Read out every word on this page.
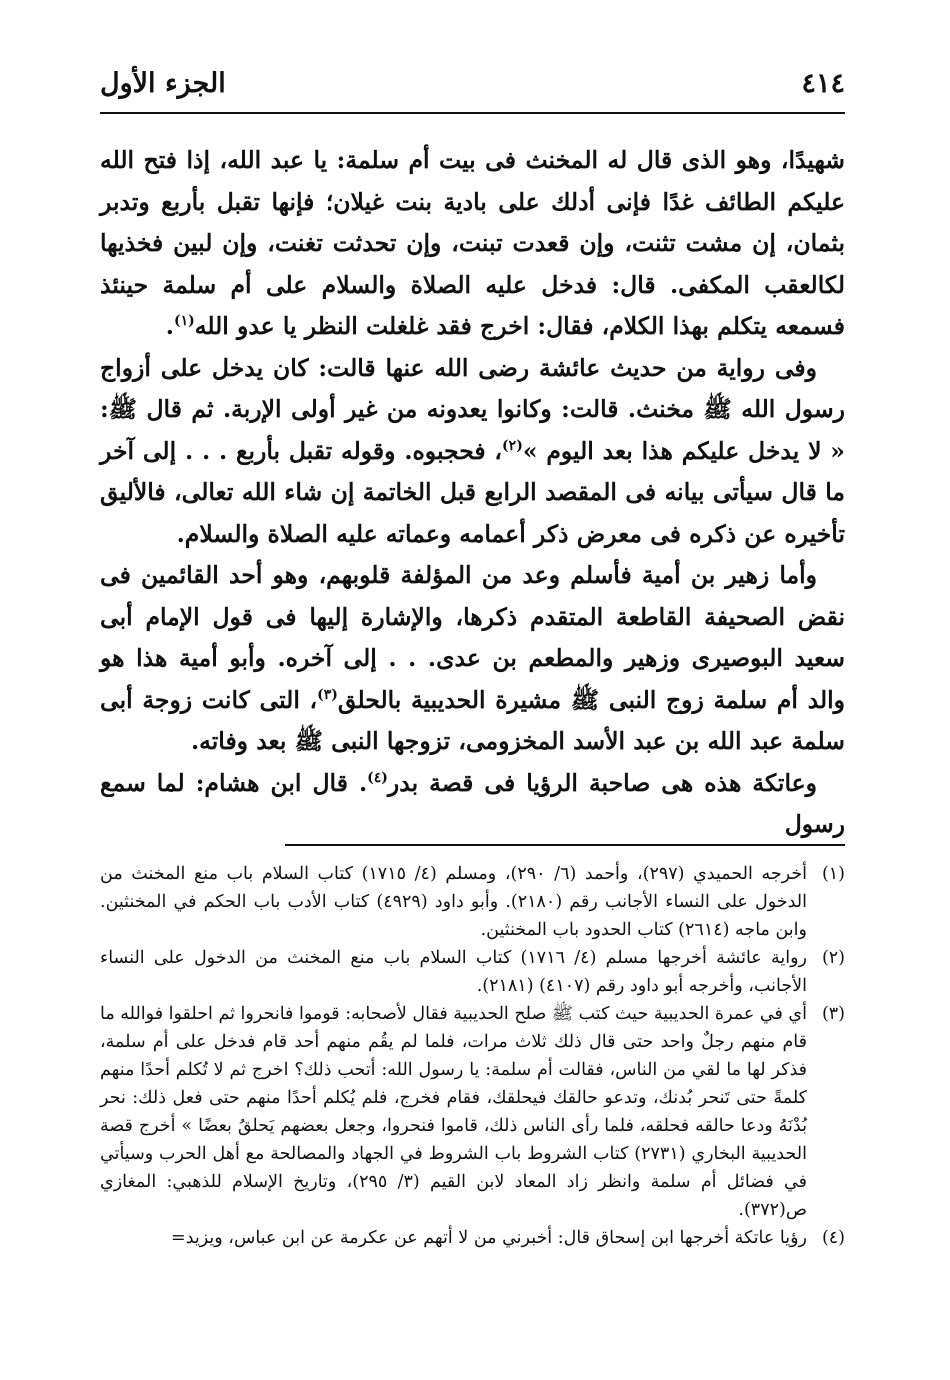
٤١٤
الجزء الأول

شهيدًا، وهو الذى قال له المخنث فى بيت أم سلمة: يا عبد الله، إذا فتح الله عليكم الطائف غدًا فإنى أدلك على بادية بنت غيلان؛ فإنها تقبل بأربع وتدبر بثمان، إن مشت تثنت، وإن قعدت تبنت، وإن تحدثت تغنت، وإن لبين فخذيها لكالعقب المكفى. قال: فدخل عليه الصلاة والسلام على أم سلمة حينئذ فسمعه يتكلم بهذا الكلام، فقال: اخرج فقد غلغلت النظر يا عدو الله$^{(١)}$.

وفى رواية من حديث عائشة رضى الله عنها قالت: كان يدخل على أزواج رسول الله ﷺ مخنث. قالت: وكانوا يعدونه من غير أولى الإربة. ثم قال ﷺ: « لا يدخل عليكم هذا بعد اليوم »$^{(٢)}$، فحجبوه. وقوله تقبل بأربع . . . إلى آخر ما قال سيأتى بيانه فى المقصد الرابع قبل الخاتمة إن شاء الله تعالى، فالأليق تأخيره عن ذكره فى معرض ذكر أعمامه وعماته عليه الصلاة والسلام.

وأما زهير بن أمية فأسلم وعد من المؤلفة قلوبهم، وهو أحد القائمين فى نقض الصحيفة القاطعة المتقدم ذكرها، والإشارة إليها فى قول الإمام أبى سعيد البوصيرى وزهير والمطعم بن عدى. . . إلى آخره. وأبو أمية هذا هو والد أم سلمة زوج النبى ﷺ مشيرة الحديبية بالحلق$^{(٣)}$، التى كانت زوجة أبى سلمة عبد الله بن عبد الأسد المخزومى، تزوجها النبى ﷺ بعد وفاته.

وعاتكة هذه هى صاحبة الرؤيا فى قصة بدر$^{(٤)}$. قال ابن هشام: لما سمع رسول

(١)
أخرجه الحميدي (٢٩٧)، وأحمد (٦/ ٢٩٠)، ومسلم (٤/ ١٧١٥) كتاب السلام باب منع المخنث من الدخول على النساء الأجانب رقم (٢١٨٠). وأبو داود (٤٩٢٩) كتاب الأدب باب الحكم في المخنثين. وابن ماجه (٢٦١٤) كتاب الحدود باب المخنثين.

(٢)
رواية عائشة أخرجها مسلم (٤/ ١٧١٦) كتاب السلام باب منع المخنث من الدخول على النساء الأجانب، وأخرجه أبو داود رقم (٤١٠٧) (٢١٨١).

(٣)
أي في عمرة الحديبية حيث كتب ﷺ صلح الحديبية فقال لأصحابه: قوموا فانحروا ثم احلقوا فوالله ما قام منهم رجلٌ واحد حتى قال ذلك ثلاث مرات، فلما لم يقُم منهم أحد قام فدخل على أم سلمة، فذكر لها ما لقي من الناس، فقالت أم سلمة: يا رسول الله: أتحب ذلك؟ اخرج ثم لا تُكلم أحدًا منهم كلمةً حتى تَنحر بُدنك، وتدعو حالقك فيحلقك، فقام فخرج، فلم يُكلم أحدًا منهم حتى فعل ذلك: نحر بُدْنَهُ ودعا حالقه فحلقه، فلما رأى الناس ذلك، قاموا فنحروا، وجعل بعضهم يَحلقُ بعضًا » أخرج قصة الحديبية البخاري (٢٧٣١) كتاب الشروط باب الشروط في الجهاد والمصالحة مع أهل الحرب وسيأتي في فضائل أم سلمة وانظر زاد المعاد لابن القيم (٣/ ٢٩٥)، وتاريخ الإسلام للذهبي: المغازي ص(٣٧٢).

(٤)
رؤيا عاتكة أخرجها ابن إسحاق قال: أخبرني من لا أتهم عن عكرمة عن ابن عباس، ويزيد=
